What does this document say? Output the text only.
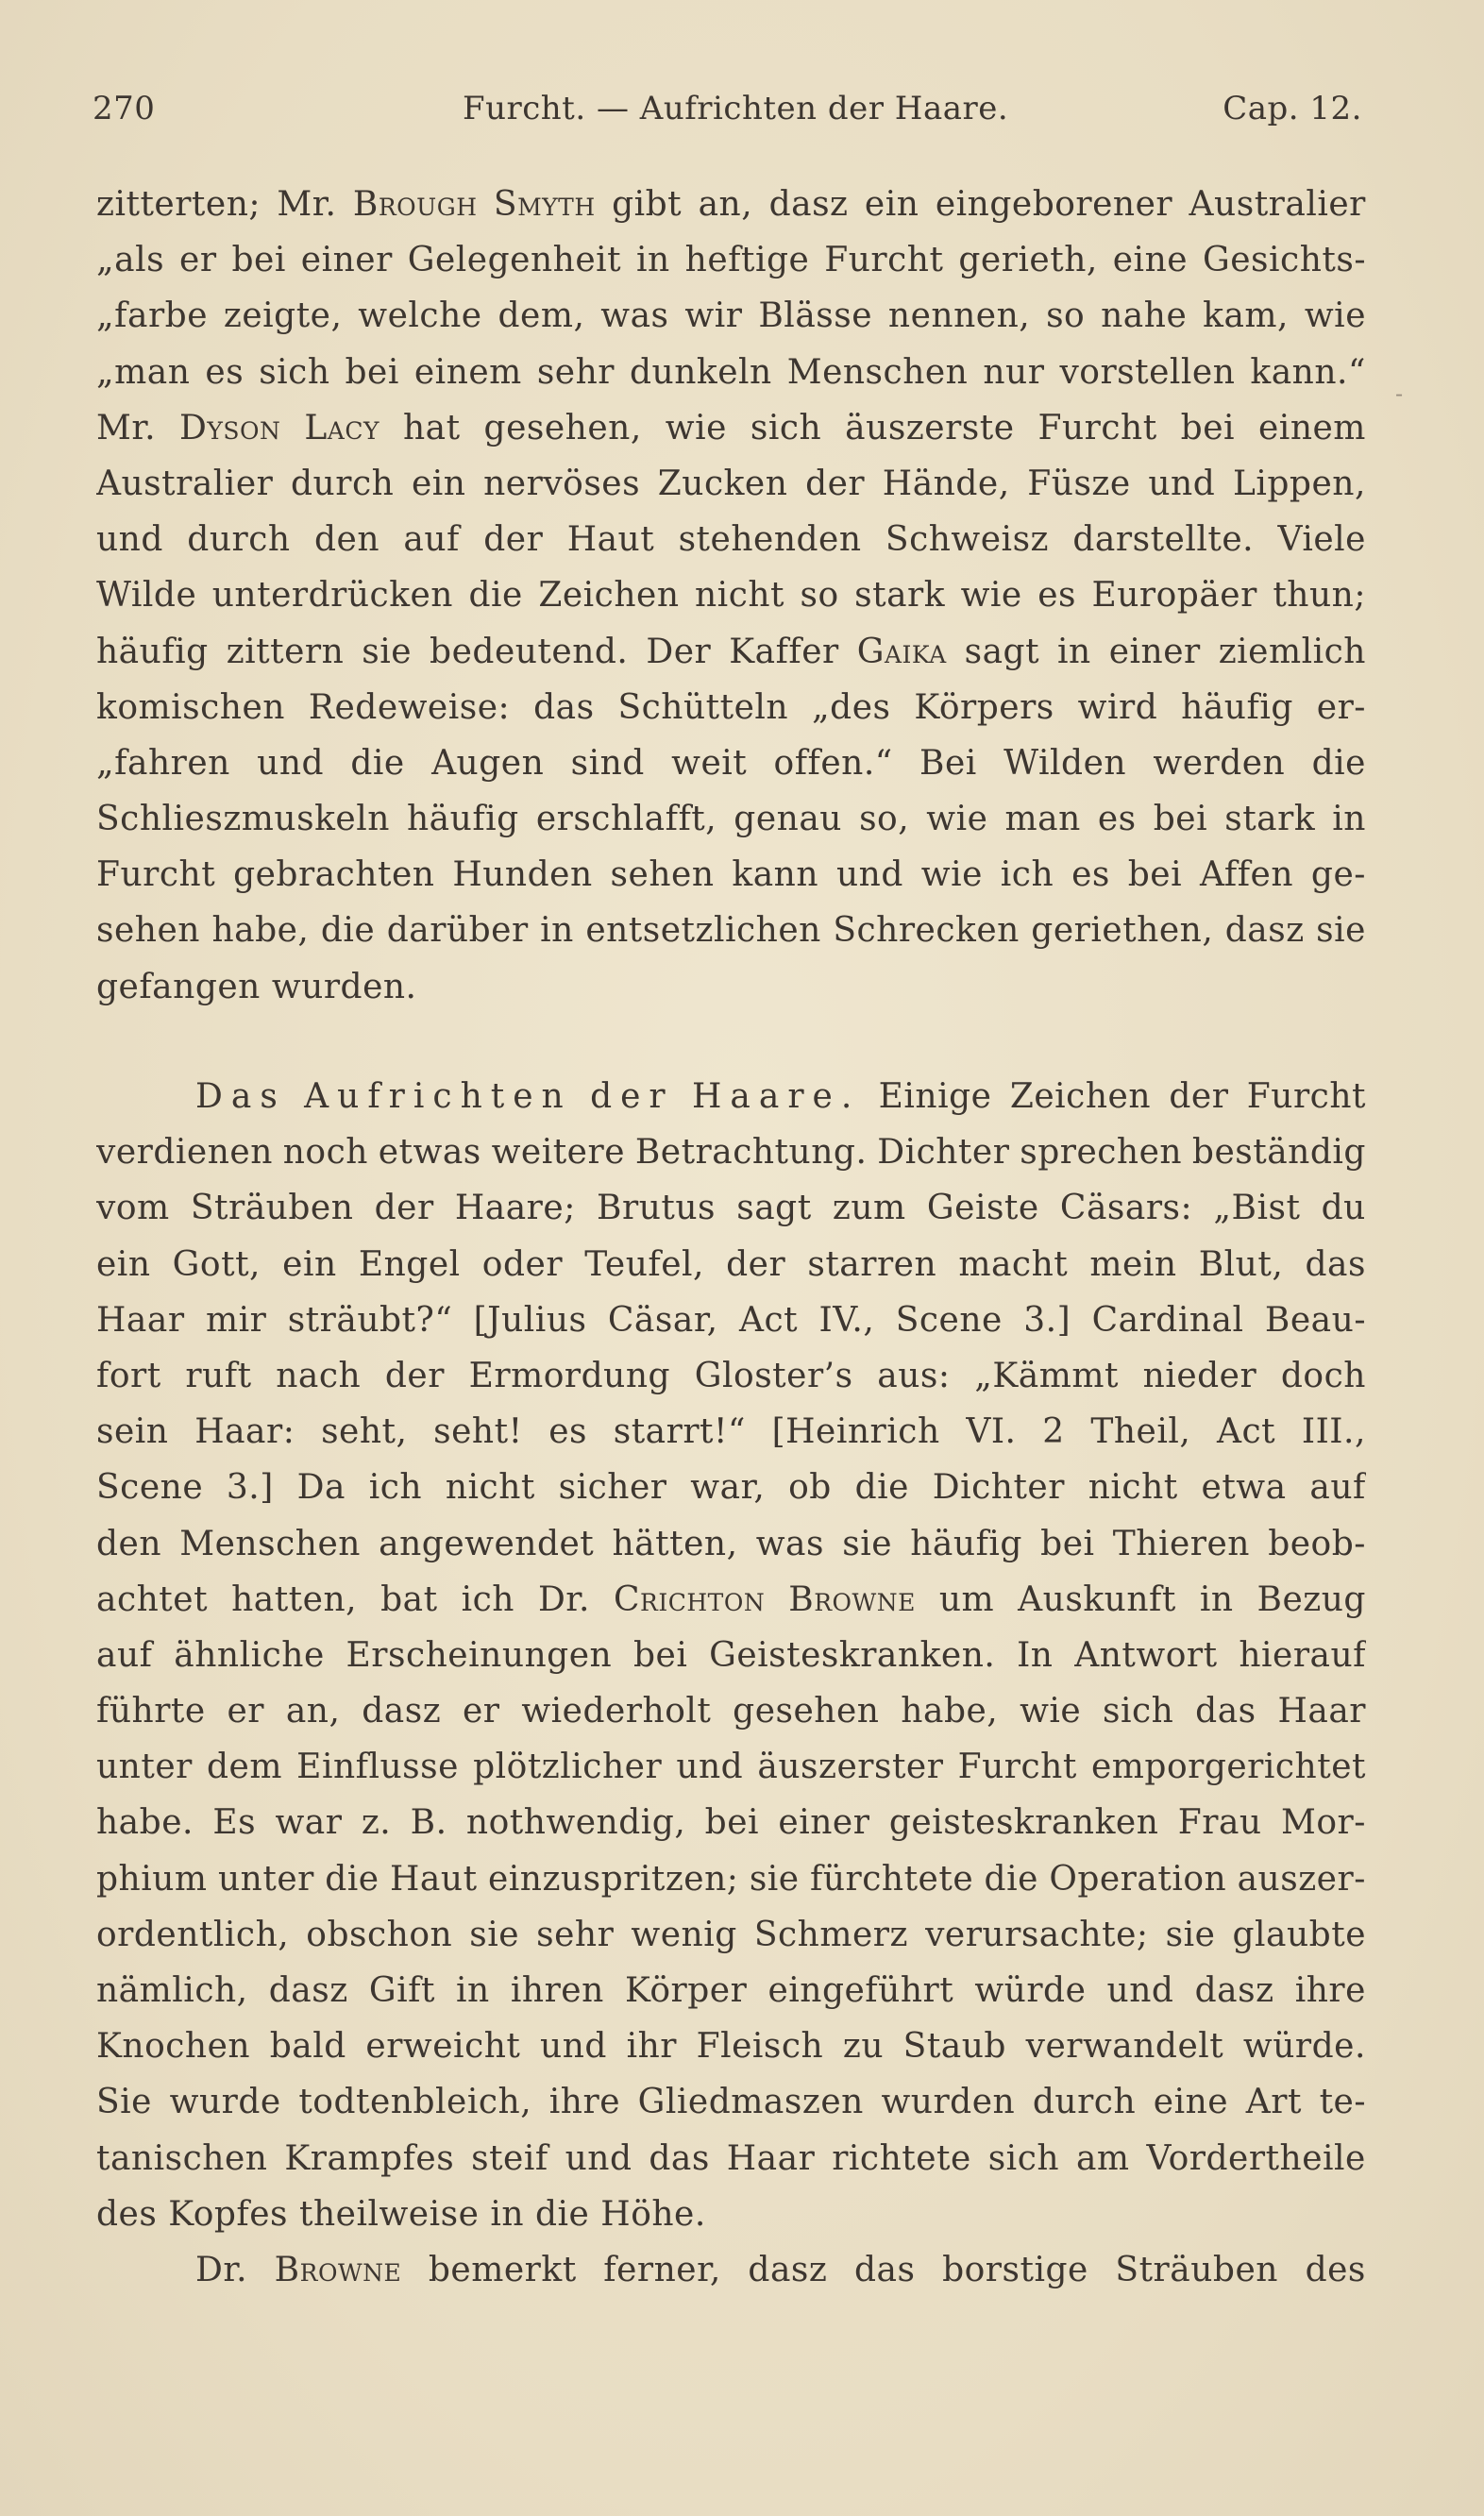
270	Furcht. — Aufrichten der Haare.	Cap. 12.
-
zitterten; Mr. Brough Smyth gibt an, dasz ein eingeborener Australier
„als er bei einer Gelegenheit in heftige Furcht gerieth, eine Gesichts-
„farbe zeigte, welche dem, was wir Blässe nennen, so nahe kam, wie
„man es sich bei einem sehr dunkeln Menschen nur vorstellen kann.“
Mr. Dyson Lacy hat gesehen, wie sich äuszerste Furcht bei einem
Australier durch ein nervöses Zucken der Hände, Füsze und Lippen,
und durch den auf der Haut stehenden Schweisz darstellte. Viele
Wilde unterdrücken die Zeichen nicht so stark wie es Europäer thun;
häufig zittern sie bedeutend. Der Kaffer Gaika sagt in einer ziemlich
komischen Redeweise: das Schütteln „des Körpers wird häufig er-
„fahren und die Augen sind weit offen.“ Bei Wilden werden die
Schlieszmuskeln häufig erschlafft, genau so, wie man es bei stark in
Furcht gebrachten Hunden sehen kann und wie ich es bei Affen ge-
sehen habe, die darüber in entsetzlichen Schrecken geriethen, dasz sie
gefangen wurden.
Das Aufrichten der Haare. Einige Zeichen der Furcht
verdienen noch etwas weitere Betrachtung. Dichter sprechen beständig
vom Sträuben der Haare; Brutus sagt zum Geiste Cäsars: „Bist du
ein Gott, ein Engel oder Teufel, der starren macht mein Blut, das
Haar mir sträubt?“ [Julius Cäsar, Act IV., Scene 3.] Cardinal Beau-
fort ruft nach der Ermordung Gloster’s aus: „Kämmt nieder doch
sein Haar: seht, seht! es starrt!“ [Heinrich VI. 2 Theil, Act III.,
Scene 3.] Da ich nicht sicher war, ob die Dichter nicht etwa auf
den Menschen angewendet hätten, was sie häufig bei Thieren beob-
achtet hatten, bat ich Dr. Crichton Browne um Auskunft in Bezug
auf ähnliche Erscheinungen bei Geisteskranken. In Antwort hierauf
führte er an, dasz er wiederholt gesehen habe, wie sich das Haar
unter dem Einflusse plötzlicher und äuszerster Furcht emporgerichtet
habe. Es war z. B. nothwendig, bei einer geisteskranken Frau Mor-
phium unter die Haut einzuspritzen; sie fürchtete die Operation auszer-
ordentlich, obschon sie sehr wenig Schmerz verursachte; sie glaubte
nämlich, dasz Gift in ihren Körper eingeführt würde und dasz ihre
Knochen bald erweicht und ihr Fleisch zu Staub verwandelt würde.
Sie wurde todtenbleich, ihre Gliedmaszen wurden durch eine Art te-
tanischen Krampfes steif und das Haar richtete sich am Vordertheile
des Kopfes theilweise in die Höhe.
Dr. Browne bemerkt ferner, dasz das borstige Sträuben des
